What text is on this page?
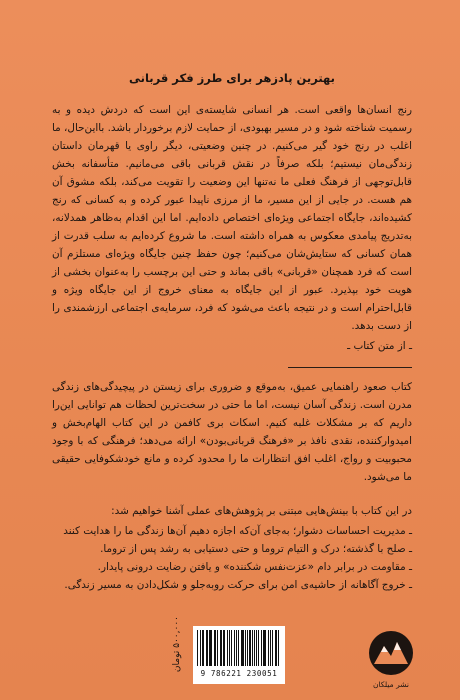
بهترین پادزهر برای طرز فکر قربانی

رنج انسان‌ها واقعی است. هر انسانی شایسته‌ی این است که دردش دیده و به رسمیت شناخته شود و در مسیر بهبودی، از حمایت لازم برخوردار باشد. بااین‌حال، ما اغلب در رنج خود گیر می‌کنیم. در چنین وضعیتی، دیگر راوی یا قهرمان داستان زندگی‌مان نیستیم؛ بلکه صرفاً در نقش قربانی باقی می‌مانیم. متأسفانه بخش قابل‌توجهی از فرهنگ فعلی ما نه‌تنها این وضعیت را تقویت می‌کند، بلکه مشوق آن هم هست. در جایی از این مسیر، ما از مرزی ناپیدا عبور کرده و به کسانی که رنج کشیده‌اند، جایگاه اجتماعی ویژه‌ای اختصاص داده‌ایم. اما این اقدام به‌ظاهر همدلانه، به‌تدریج پیامدی معکوس به همراه داشته است. ما شروع کرده‌ایم به سلب قدرت از همان کسانی که ستایش‌شان می‌کنیم؛ چون حفظ چنین جایگاه ویژه‌ای مستلزم آن است که فرد همچنان «قربانی» باقی بماند و حتی این برچسب را به‌عنوان بخشی از هویت خود بپذیرد. عبور از این جایگاه به معنای خروج از این جایگاه ویژه و قابل‌احترام است و در نتیجه باعث می‌شود که فرد، سرمایه‌ی اجتماعی ارزشمندی را از دست بدهد.

ـ از متن کتاب ـ

کتاب صعود راهنمایی عمیق، به‌موقع و ضروری برای زیستن در پیچیدگی‌های زندگی مدرن است. زندگی آسان نیست، اما ما حتی در سخت‌ترین لحظات هم توانایی این‌را داریم که بر مشکلات غلبه کنیم. اسکات بری کافمن در این کتاب الهام‌بخش و امیدوارکننده، نقدی نافذ بر «فرهنگ قربانی‌بودن» ارائه می‌دهد؛ فرهنگی که با وجود محبوبیت و رواج، اغلب افق انتظارات ما را محدود کرده و مانع خودشکوفایی حقیقی ما می‌شود.

در این کتاب با بینش‌هایی مبتنی بر پژوهش‌های عملی آشنا خواهیم شد:

ـ مدیریت احساسات دشوار؛ به‌جای آن‌که اجازه دهیم آن‌ها زندگی ما را هدایت کنند
ـ صلح با گذشته؛ درک و التیام تروما و حتی دستیابی به رشد پس از تروما.
ـ مقاومت در برابر دام «عزت‌نفس شکننده» و یافتن رضایت درونی پایدار.
ـ خروج آگاهانه از حاشیه‌ی امن برای حرکت رو‌به‌جلو و شکل‌دادن به مسیر زندگی.
۵۰۰,۰۰۰ تومان
9 786221 230051
نشر میلکان
